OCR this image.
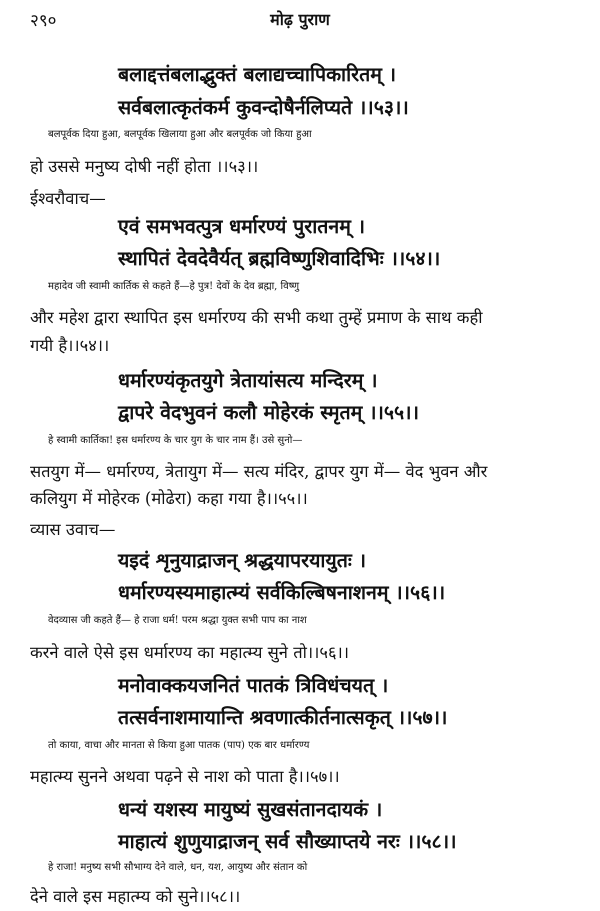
२९०	मोढ़ पुराण
बलाद्दत्तंबलाद्भुक्तं बलाद्यच्चापिकारितम् ।
सर्वबलात्कृतंकर्म कुवन्दोषैर्नलिप्यते ।।५३।।
बलपूर्वक दिया हुआ, बलपूर्वक खिलाया हुआ और बलपूर्वक जो किया हुआ
हो उससे मनुष्य दोषी नहीं होता ।।५३।।
ईश्वरौवाच—
एवं समभवत्पुत्र धर्मारण्यं पुरातनम् ।
स्थापितं देवदेवैर्यत् ब्रह्मविष्णुशिवादिभिः ।।५४।।
महादेव जी स्वामी कार्तिक से कहते हैं—हे पुत्र! देवों के देव ब्रह्मा, विष्णु
और महेश द्वारा स्थापित इस धर्मारण्य की सभी कथा तुम्हें प्रमाण के साथ कही
गयी है।।५४।।
धर्मारण्यंकृतयुगे त्रेतायांसत्य मन्दिरम् ।
द्वापरे वेदभुवनं कलौ मोहेरकं स्मृतम् ।।५५।।
हे स्वामी कार्तिका! इस धर्मारण्य के चार युग के चार नाम हैं। उसे सुनो—
सतयुग में— धर्मारण्य, त्रेतायुग में— सत्य मंदिर, द्वापर युग में— वेद भुवन और
कलियुग में मोहेरक (मोढेरा) कहा गया है।।५५।।
व्यास उवाच—
यइदं शृनुयाद्राजन् श्रद्धयापरयायुतः ।
धर्मारण्यस्यमाहात्म्यं सर्वकिल्बिषनाशनम् ।।५६।।
वेदव्यास जी कहते हैं— हे राजा धर्म! परम श्रद्धा युक्त सभी पाप का नाश
करने वाले ऐसे इस धर्मारण्य का महात्म्य सुने तो।।५६।।
मनोवाक्कयजनितं पातकं त्रिविधंचयत् ।
तत्सर्वनाशमायान्ति श्रवणात्कीर्तनात्सकृत् ।।५७।।
तो काया, वाचा और मानता से किया हुआ पातक (पाप) एक बार धर्मारण्य
महात्म्य सुनने अथवा पढ़ने से नाश को पाता है।।५७।।
धन्यं यशस्य मायुष्यं सुखसंतानदायकं ।
माहात्यं शुणुयाद्राजन् सर्व सौख्याप्तये नरः ।।५८।।
हे राजा! मनुष्य सभी सौभाग्य देने वाले, धन, यश, आयुष्य और संतान को
देने वाले इस महात्म्य को सुने।।५८।।
